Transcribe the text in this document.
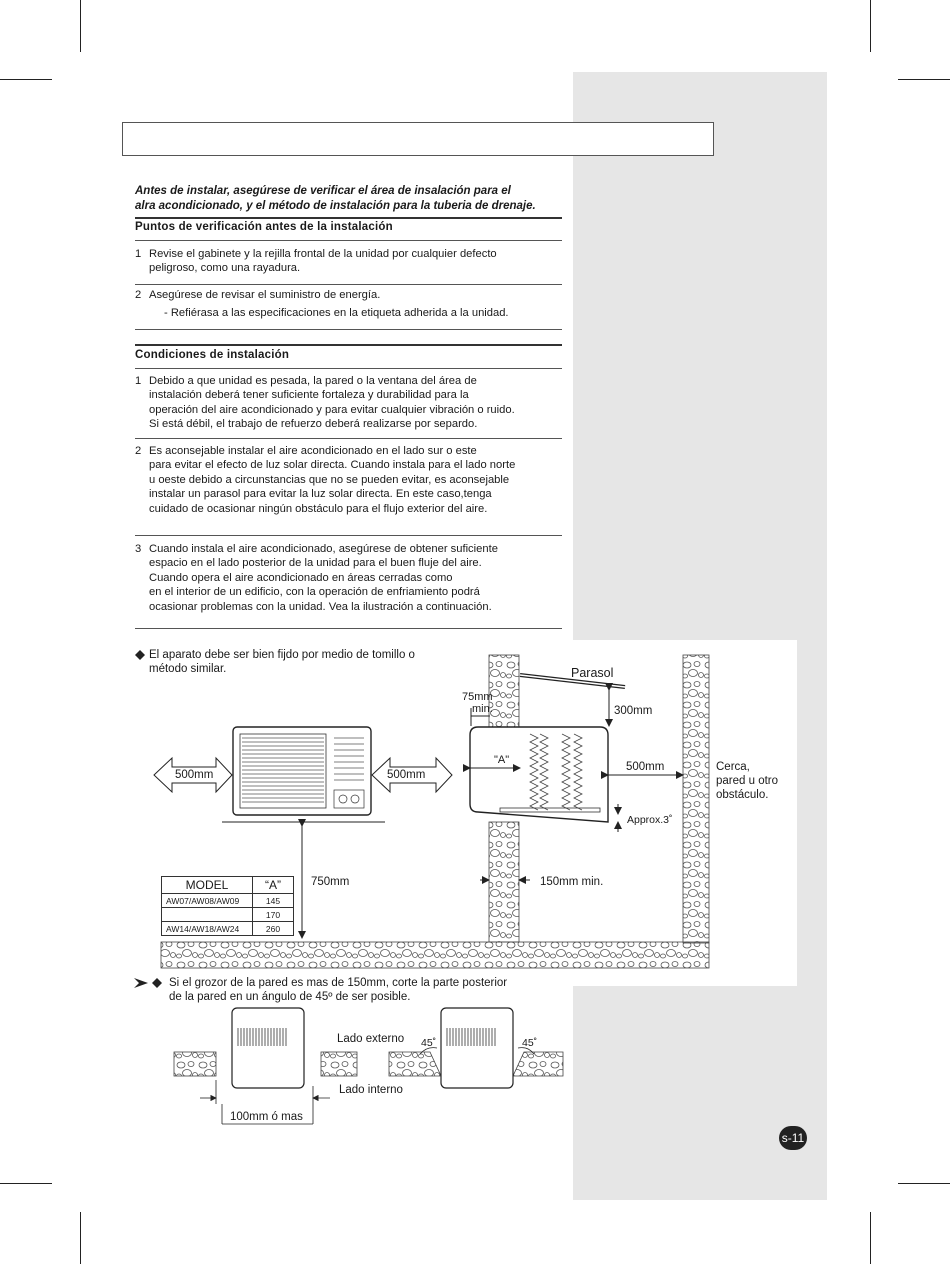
Antes de instalar, asegúrese de verificar el área de insalación para el
alra acondicionado, y el método de instalación para la tuberia de drenaje.
Puntos de verificación antes de la instalación
1 Revise el gabinete y la rejilla frontal de la unidad por cualquier defecto
peligroso, como una rayadura.
2 Asegúrese de revisar el suministro de energía.
- Refiérasa a las especificaciones en la etiqueta adherida a la unidad.
Condiciones de instalación
1 Debido a que unidad es pesada, la pared o la ventana del área de
instalación deberá tener suficiente fortaleza y durabilidad para la
operación del aire acondicionado y para evitar cualquier vibración o ruido.
Si está débil, el trabajo de refuerzo deberá realizarse por separdo.
2 Es aconsejable instalar el aire acondicionado en el lado sur o este
para evitar el efecto de luz solar directa. Cuando instala para el lado norte
u oeste debido a circunstancias que no se pueden evitar, es aconsejable
instalar un parasol para evitar la luz solar directa. En este caso,tenga
cuidado de ocasionar ningún obstáculo para el flujo exterior del aire.
3 Cuando instala el aire acondicionado, asegúrese de obtener suficiente
espacio en el lado posterior de la unidad para el buen fluje del aire.
Cuando opera el aire acondicionado en áreas cerradas como
en el interior de un edificio, con la operación de enfriamiento podrá
ocasionar problemas con la unidad. Vea la ilustración a continuación.
El aparato debe ser bien fijdo por medio de tomillo o
método similar.	Parasol
75mm
min.	300mm
500mm	500mm
"A"
500mm	Cerca,
pared u otro
obstáculo.
Approx.3˚
750mm	150mm min.
MODEL	“A”
AW07/AW08/AW09	145
	170
AW14/AW18/AW24	260
Si el grozor de la pared es mas de 150mm, corte la parte posterior
de la pared en un ángulo de 45º de ser posible.
Lado externo
Lado interno
45˚	45˚
100mm ó mas
s-11
